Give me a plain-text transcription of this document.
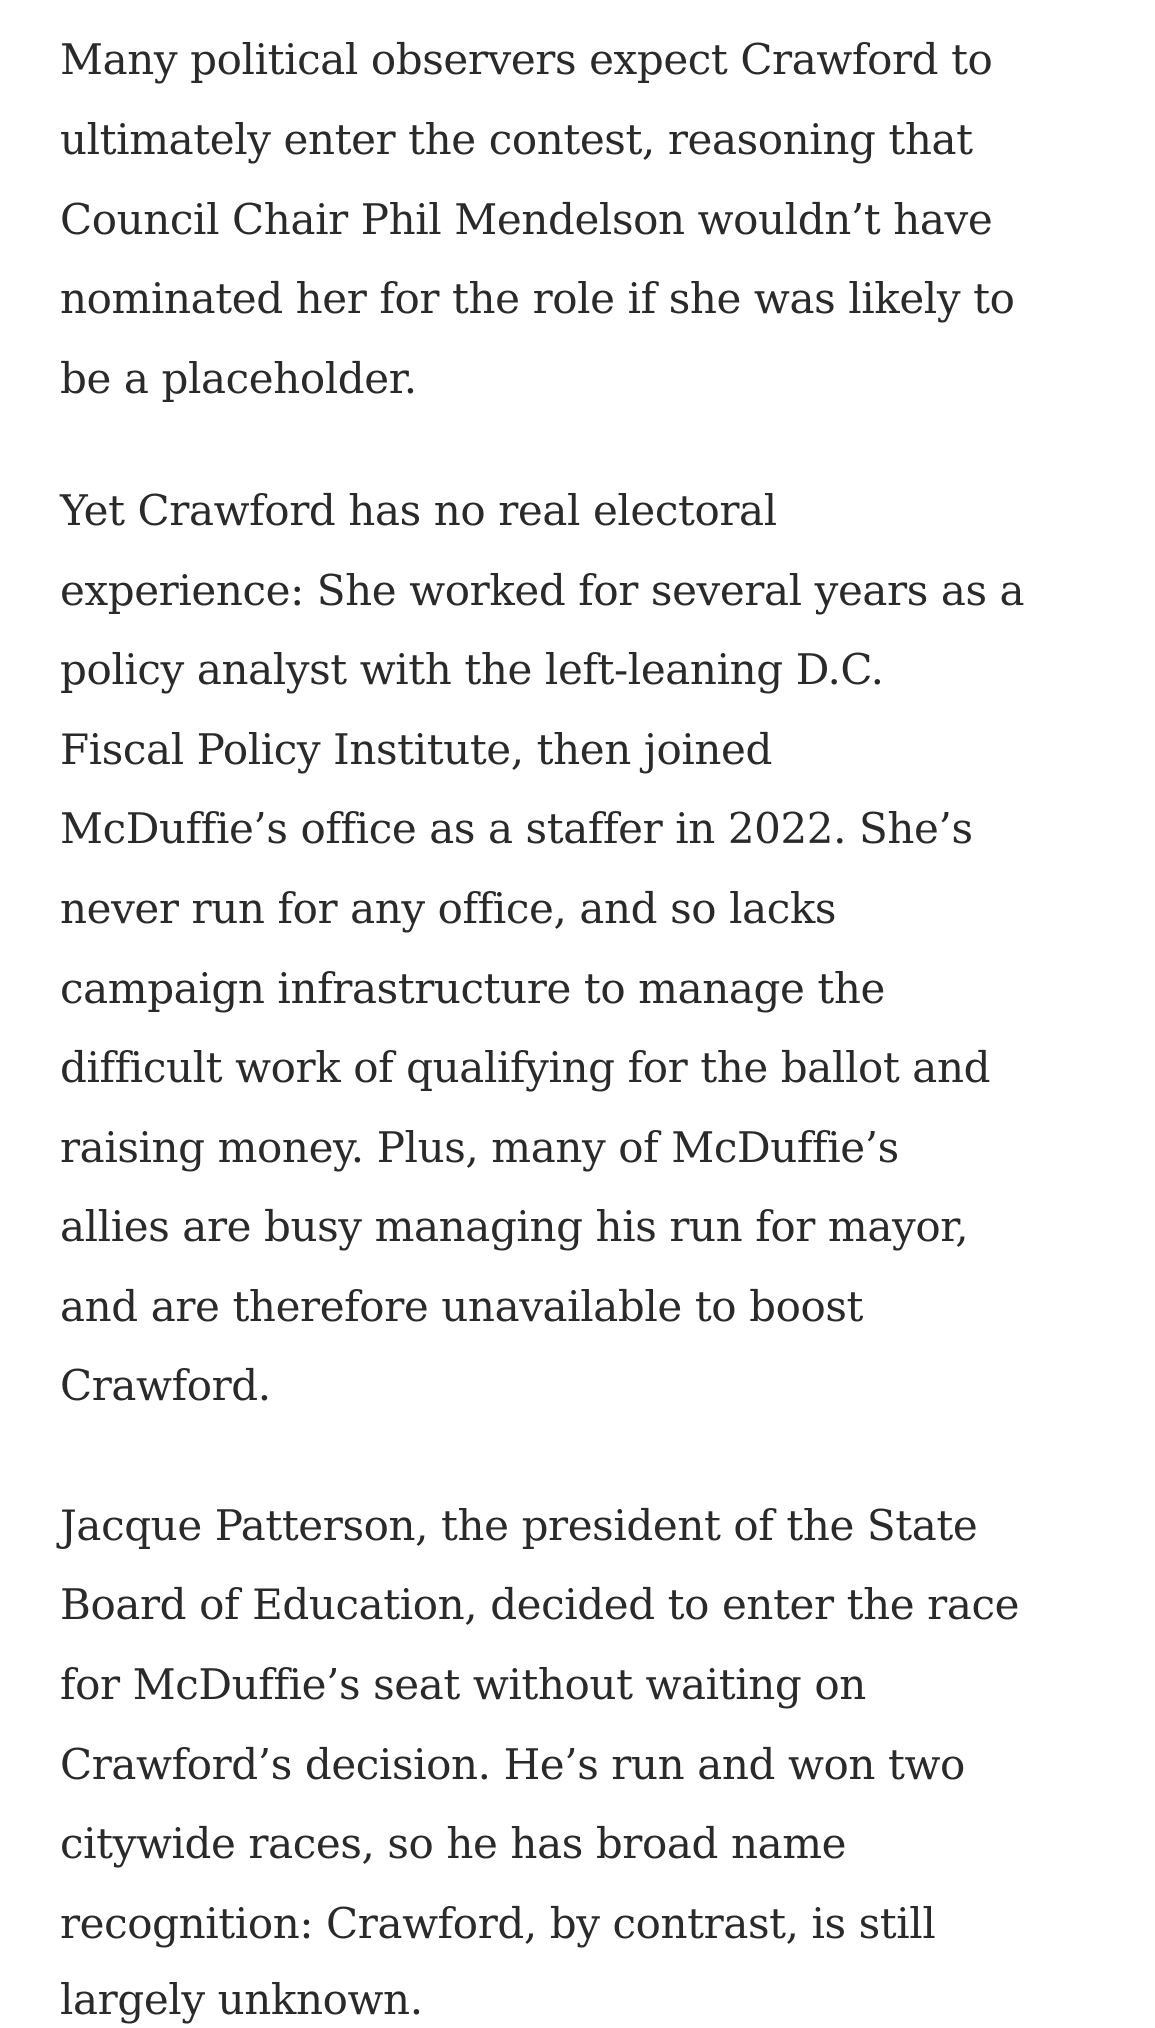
Many political observers expect Crawford to
ultimately enter the contest, reasoning that
Council Chair Phil Mendelson wouldn’t have
nominated her for the role if she was likely to
be a placeholder.

Yet Crawford has no real electoral
experience: She worked for several years as a
policy analyst with the left-leaning D.C.
Fiscal Policy Institute, then joined
McDuffie’s office as a staffer in 2022. She’s
never run for any office, and so lacks
campaign infrastructure to manage the
difficult work of qualifying for the ballot and
raising money. Plus, many of McDuffie’s
allies are busy managing his run for mayor,
and are therefore unavailable to boost
Crawford.

Jacque Patterson, the president of the State
Board of Education, decided to enter the race
for McDuffie’s seat without waiting on
Crawford’s decision. He’s run and won two
citywide races, so he has broad name
recognition: Crawford, by contrast, is still
largely unknown.
